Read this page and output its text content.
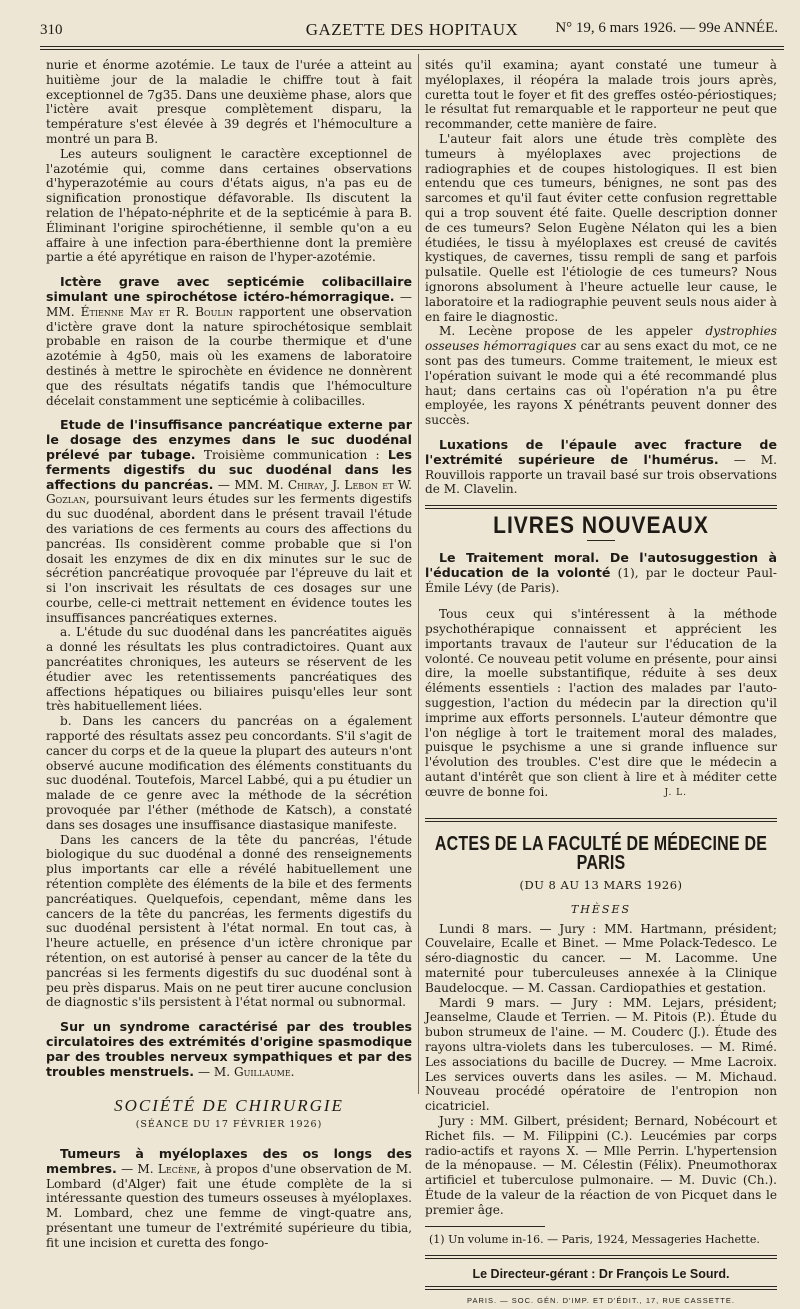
310	GAZETTE DES HOPITAUX	N° 19, 6 mars 1926. — 99e ANNÉE.

nurie et énorme azotémie. Le taux de l'urée a atteint au huitième jour de la maladie le chiffre tout à fait exceptionnel de 7g35. Dans une deuxième phase, alors que l'ictère avait presque complètement disparu, la température s'est élevée à 39 degrés et l'hémoculture a montré un para B.

Les auteurs soulignent le caractère exceptionnel de l'azotémie qui, comme dans certaines observations d'hyperazotémie au cours d'états aigus, n'a pas eu de signification pronostique défavorable. Ils discutent la relation de l'hépato-néphrite et de la septicémie à para B. Éliminant l'origine spirochétienne, il semble qu'on a eu affaire à une infection para-éberthienne dont la première partie a été apyrétique en raison de l'hyper-azotémie.

Ictère grave avec septicémie colibacillaire simulant une spirochétose ictéro-hémorragique. — MM. Étienne May et R. Boulin rapportent une observation d'ictère grave dont la nature spirochétosique semblait probable en raison de la courbe thermique et d'une azotémie à 4g50, mais où les examens de laboratoire destinés à mettre le spirochète en évidence ne donnèrent que des résultats négatifs tandis que l'hémoculture décelait constamment une septicémie à colibacilles.

Etude de l'insuffisance pancréatique externe par le dosage des enzymes dans le suc duodénal prélevé par tubage. Troisième communication : Les ferments digestifs du suc duodénal dans les affections du pancréas. — MM. M. Chiray, J. Lebon et W. Gozlan, poursuivant leurs études sur les ferments digestifs du suc duodénal, abordent dans le présent travail l'étude des variations de ces ferments au cours des affections du pancréas. Ils considèrent comme probable que si l'on dosait les enzymes de dix en dix minutes sur le suc de sécrétion pancréatique provoquée par l'épreuve du lait et si l'on inscrivait les résultats de ces dosages sur une courbe, celle-ci mettrait nettement en évidence toutes les insuffisances pancréatiques externes.

a. L'étude du suc duodénal dans les pancréatites aiguës a donné les résultats les plus contradictoires. Quant aux pancréatites chroniques, les auteurs se réservent de les étudier avec les retentissements pancréatiques des affections hépatiques ou biliaires puisqu'elles leur sont très habituellement liées.

b. Dans les cancers du pancréas on a également rapporté des résultats assez peu concordants. S'il s'agit de cancer du corps et de la queue la plupart des auteurs n'ont observé aucune modification des éléments constituants du suc duodénal. Toutefois, Marcel Labbé, qui a pu étudier un malade de ce genre avec la méthode de la sécrétion provoquée par l'éther (méthode de Katsch), a constaté dans ses dosages une insuffisance diastasique manifeste.

Dans les cancers de la tête du pancréas, l'étude biologique du suc duodénal a donné des renseignements plus importants car elle a révélé habituellement une rétention complète des éléments de la bile et des ferments pancréatiques. Quelquefois, cependant, même dans les cancers de la tête du pancréas, les ferments digestifs du suc duodénal persistent à l'état normal. En tout cas, à l'heure actuelle, en présence d'un ictère chronique par rétention, on est autorisé à penser au cancer de la tête du pancréas si les ferments digestifs du suc duodénal sont à peu près disparus. Mais on ne peut tirer aucune conclusion de diagnostic s'ils persistent à l'état normal ou subnormal.

Sur un syndrome caractérisé par des troubles circulatoires des extrémités d'origine spasmodique par des troubles nerveux sympathiques et par des troubles menstruels. — M. Guillaume.

SOCIÉTÉ DE CHIRURGIE
(SÉANCE DU 17 FÉVRIER 1926)

Tumeurs à myéloplaxes des os longs des membres. — M. Lecène, à propos d'une observation de M. Lombard (d'Alger) fait une étude complète de la si intéressante question des tumeurs osseuses à myéloplaxes. M. Lombard, chez une femme de vingt-quatre ans, présentant une tumeur de l'extrémité supérieure du tibia, fit une incision et curetta des fongo-

sités qu'il examina; ayant constaté une tumeur à myéloplaxes, il réopéra la malade trois jours après, curetta tout le foyer et fit des greffes ostéo-périostiques; le résultat fut remarquable et le rapporteur ne peut que recommander, cette manière de faire.

L'auteur fait alors une étude très complète des tumeurs à myéloplaxes avec projections de radiographies et de coupes histologiques. Il est bien entendu que ces tumeurs, bénignes, ne sont pas des sarcomes et qu'il faut éviter cette confusion regrettable qui a trop souvent été faite. Quelle description donner de ces tumeurs? Selon Eugène Nélaton qui les a bien étudiées, le tissu à myéloplaxes est creusé de cavités kystiques, de cavernes, tissu rempli de sang et parfois pulsatile. Quelle est l'étiologie de ces tumeurs? Nous ignorons absolument à l'heure actuelle leur cause, le laboratoire et la radiographie peuvent seuls nous aider à en faire le diagnostic.

M. Lecène propose de les appeler dystrophies osseuses hémorragiques car au sens exact du mot, ce ne sont pas des tumeurs. Comme traitement, le mieux est l'opération suivant le mode qui a été recommandé plus haut; dans certains cas où l'opération n'a pu être employée, les rayons X pénétrants peuvent donner des succès.

Luxations de l'épaule avec fracture de l'extrémité supérieure de l'humérus. — M. Rouvillois rapporte un travail basé sur trois observations de M. Clavelin.

LIVRES NOUVEAUX

Le Traitement moral. De l'autosuggestion à l'éducation de la volonté (1), par le docteur Paul-Émile Lévy (de Paris).

Tous ceux qui s'intéressent à la méthode psychothérapique connaissent et apprécient les importants travaux de l'auteur sur l'éducation de la volonté. Ce nouveau petit volume en présente, pour ainsi dire, la moelle substantifique, réduite à ses deux éléments essentiels : l'action des malades par l'auto-suggestion, l'action du médecin par la direction qu'il imprime aux efforts personnels. L'auteur démontre que l'on néglige à tort le traitement moral des malades, puisque le psychisme a une si grande influence sur l'évolution des troubles. C'est dire que le médecin a autant d'intérêt que son client à lire et à méditer cette œuvre de bonne foi.	J. L.
ACTES DE LA FACULTÉ DE MÉDECINE DE PARIS
(DU 8 AU 13 MARS 1926)
THÈSES

Lundi 8 mars. — Jury : MM. Hartmann, président; Couvelaire, Ecalle et Binet. — Mme Polack-Tedesco. Le séro-diagnostic du cancer. — M. Lacomme. Une maternité pour tuberculeuses annexée à la Clinique Baudelocque. — M. Cassan. Cardiopathies et gestation.

Mardi 9 mars. — Jury : MM. Lejars, président; Jeanselme, Claude et Terrien. — M. Pitois (P.). Étude du bubon strumeux de l'aine. — M. Couderc (J.). Étude des rayons ultra-violets dans les tuberculoses. — M. Rimé. Les associations du bacille de Ducrey. — Mme Lacroix. Les services ouverts dans les asiles. — M. Michaud. Nouveau procédé opératoire de l'entropion non cicatriciel.

Jury : MM. Gilbert, président; Bernard, Nobécourt et Richet fils. — M. Filippini (C.). Leucémies par corps radio-actifs et rayons X. — Mlle Perrin. L'hypertension de la ménopause. — M. Célestin (Félix). Pneumothorax artificiel et tuberculose pulmonaire. — M. Duvic (Ch.). Étude de la valeur de la réaction de von Picquet dans le premier âge.

(1) Un volume in-16. — Paris, 1924, Messageries Hachette.
Le Directeur-gérant : Dr François Le Sourd.
PARIS. — SOC. GÉN. D'IMP. ET D'ÉDIT., 17, RUE CASSETTE.
